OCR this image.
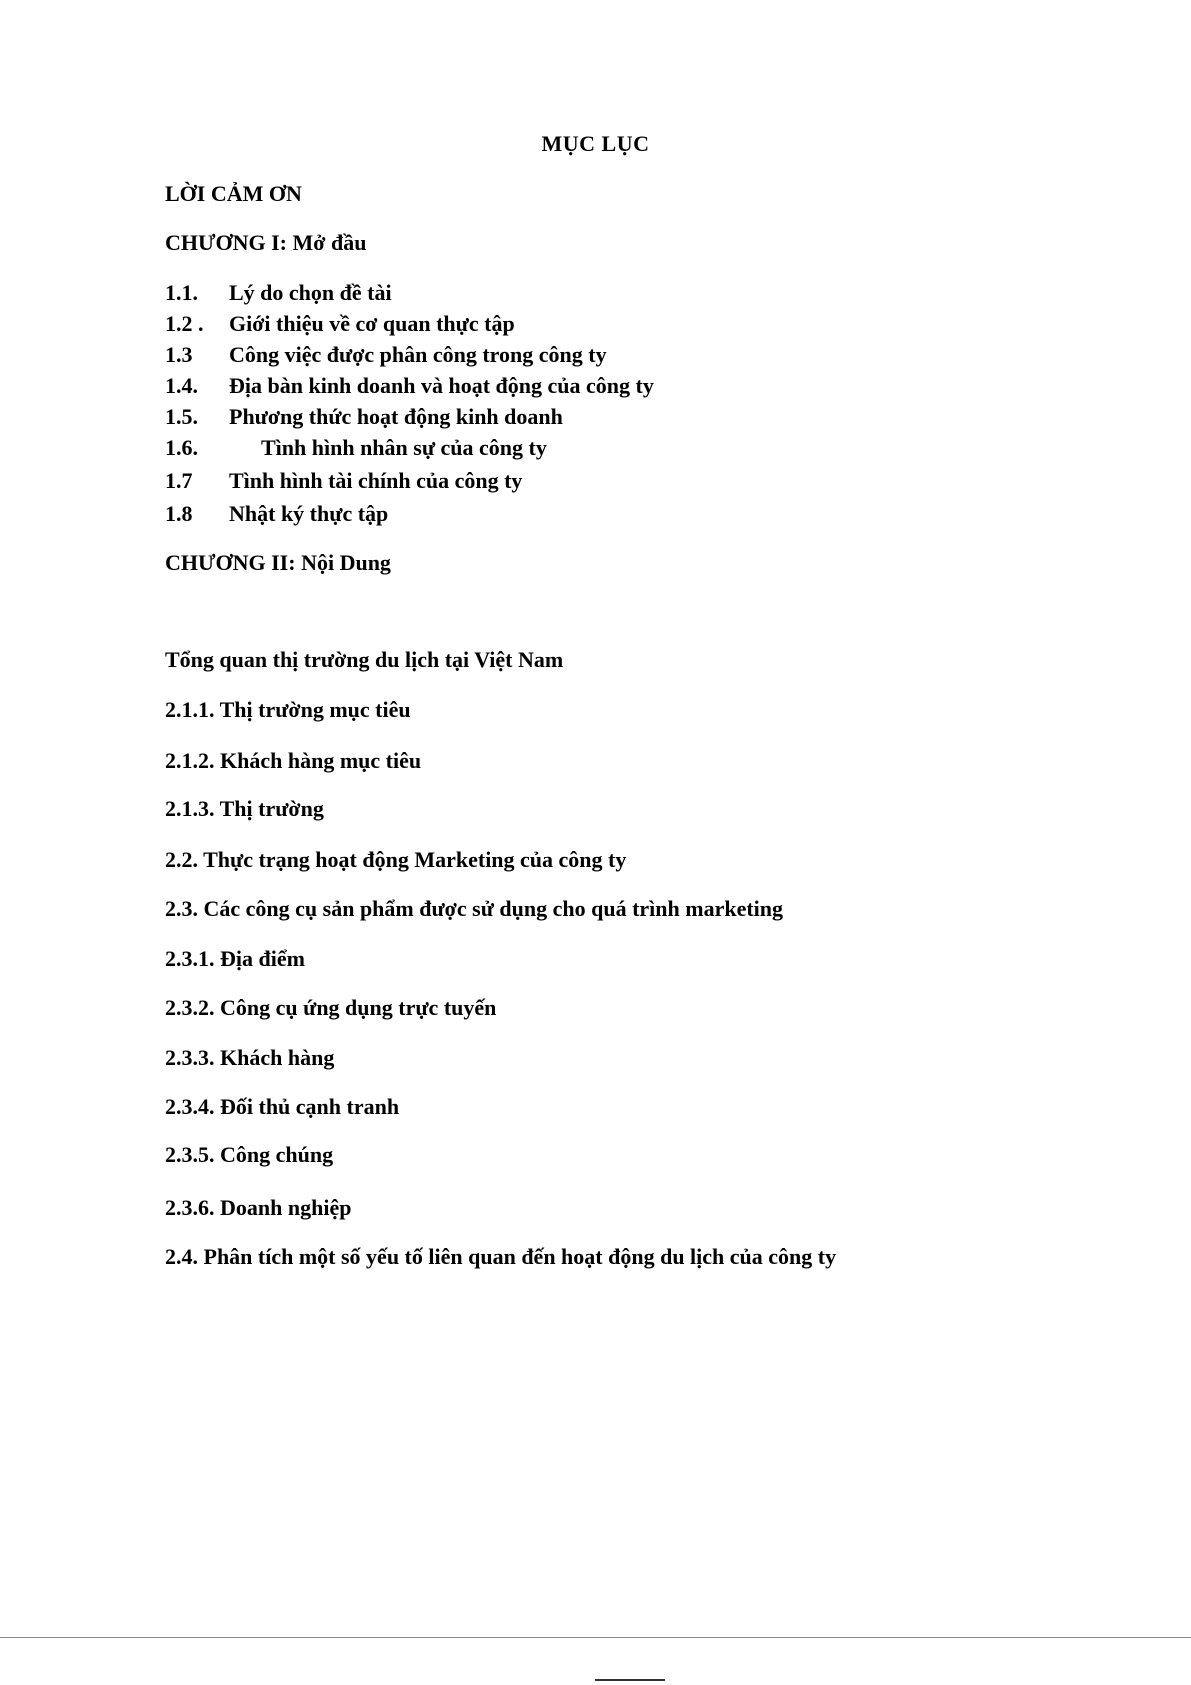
MỤC LỤC
LỜI CẢM ƠN
CHƯƠNG I: Mở đầu
1.1. Lý do chọn đề tài
1.2 . Giới thiệu về cơ quan thực tập
1.3 Công việc được phân công trong công ty
1.4. Địa bàn kinh doanh và hoạt động của công ty
1.5. Phương thức hoạt động kinh doanh
1.6.	Tình hình nhân sự của công ty
1.7 Tình hình tài chính của công ty
1.8 Nhật ký thực tập
CHƯƠNG II: Nội Dung
Tổng quan thị trường du lịch tại Việt Nam
2.1.1. Thị trường mục tiêu
2.1.2. Khách hàng mục tiêu
2.1.3. Thị trường
2.2. Thực trạng hoạt động Marketing của công ty
2.3. Các công cụ sản phẩm được sử dụng cho quá trình marketing
2.3.1. Địa điểm
2.3.2. Công cụ ứng dụng trực tuyến
2.3.3. Khách hàng
2.3.4. Đối thủ cạnh tranh
2.3.5. Công chúng
2.3.6. Doanh nghiệp
2.4. Phân tích một số yếu tố liên quan đến hoạt động du lịch của công ty
